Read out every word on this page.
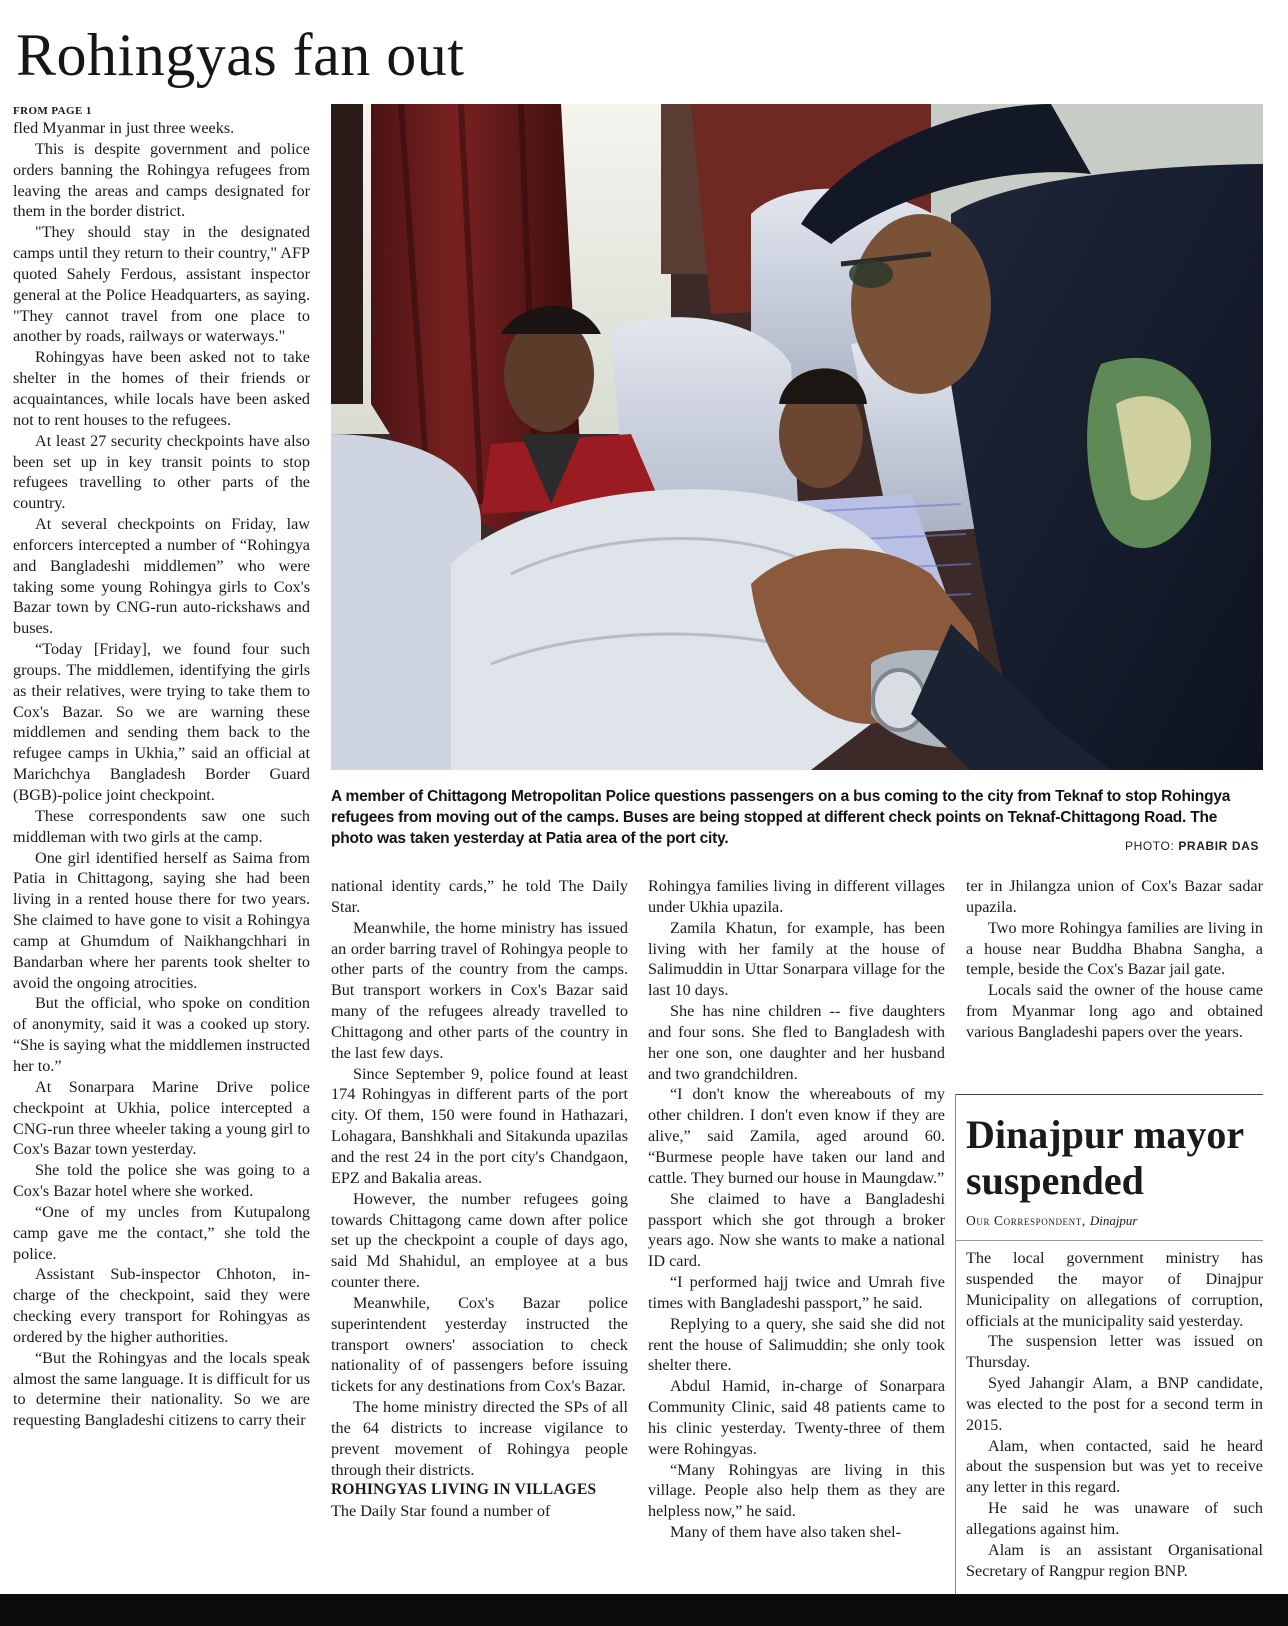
Rohingyas fan out
FROM PAGE 1

fled Myanmar in just three weeks.

This is despite government and police orders banning the Rohingya refugees from leaving the areas and camps designated for them in the border district.

"They should stay in the designated camps until they return to their country," AFP quoted Sahely Ferdous, assistant inspector general at the Police Headquarters, as saying. "They cannot travel from one place to another by roads, railways or waterways."

Rohingyas have been asked not to take shelter in the homes of their friends or acquaintances, while locals have been asked not to rent houses to the refugees.

At least 27 security checkpoints have also been set up in key transit points to stop refugees travelling to other parts of the country.

At several checkpoints on Friday, law enforcers intercepted a number of “Rohingya and Bangladeshi middlemen” who were taking some young Rohingya girls to Cox's Bazar town by CNG-run auto-rickshaws and buses.

“Today [Friday], we found four such groups. The middlemen, identifying the girls as their relatives, were trying to take them to Cox's Bazar. So we are warning these middlemen and sending them back to the refugee camps in Ukhia,” said an official at Marichchya Bangladesh Border Guard (BGB)-police joint checkpoint.

These correspondents saw one such middleman with two girls at the camp.

One girl identified herself as Saima from Patia in Chittagong, saying she had been living in a rented house there for two years. She claimed to have gone to visit a Rohingya camp at Ghumdum of Naikhangchhari in Bandarban where her parents took shelter to avoid the ongoing atrocities.

But the official, who spoke on condition of anonymity, said it was a cooked up story. “She is saying what the middlemen instructed her to.”

At Sonarpara Marine Drive police checkpoint at Ukhia, police intercepted a CNG-run three wheeler taking a young girl to Cox's Bazar town yesterday.

She told the police she was going to a Cox's Bazar hotel where she worked.

“One of my uncles from Kutupalong camp gave me the contact,” she told the police.

Assistant Sub-inspector Chhoton, in-charge of the checkpoint, said they were checking every transport for Rohingyas as ordered by the higher authorities.

“But the Rohingyas and the locals speak almost the same language. It is difficult for us to determine their nationality. So we are requesting Bangladeshi citizens to carry their

A member of Chittagong Metropolitan Police questions passengers on a bus coming to the city from Teknaf to stop Rohingya refugees from moving out of the camps. Buses are being stopped at different check points on Teknaf-Chittagong Road. The photo was taken yesterday at Patia area of the port city.	PHOTO: PRABIR DAS

national identity cards,” he told The Daily Star.

Meanwhile, the home ministry has issued an order barring travel of Rohingya people to other parts of the country from the camps. But transport workers in Cox's Bazar said many of the refugees already travelled to Chittagong and other parts of the country in the last few days.

Since September 9, police found at least 174 Rohingyas in different parts of the port city. Of them, 150 were found in Hathazari, Lohagara, Banshkhali and Sitakunda upazilas and the rest 24 in the port city's Chandgaon, EPZ and Bakalia areas.

However, the number refugees going towards Chittagong came down after police set up the checkpoint a couple of days ago, said Md Shahidul, an employee at a bus counter there.

Meanwhile, Cox's Bazar police superintendent yesterday instructed the transport owners' association to check nationality of of passengers before issuing tickets for any destinations from Cox's Bazar.

The home ministry directed the SPs of all the 64 districts to increase vigilance to prevent movement of Rohingya people through their districts.

ROHINGYAS LIVING IN VILLAGES

The Daily Star found a number of

Rohingya families living in different villages under Ukhia upazila.

Zamila Khatun, for example, has been living with her family at the house of Salimuddin in Uttar Sonarpara village for the last 10 days.

She has nine children -- five daughters and four sons. She fled to Bangladesh with her one son, one daughter and her husband and two grandchildren.

“I don't know the whereabouts of my other children. I don't even know if they are alive,” said Zamila, aged around 60. “Burmese people have taken our land and cattle. They burned our house in Maungdaw.”

She claimed to have a Bangladeshi passport which she got through a broker years ago. Now she wants to make a national ID card.

“I performed hajj twice and Umrah five times with Bangladeshi passport,” he said.

Replying to a query, she said she did not rent the house of Salimuddin; she only took shelter there.

Abdul Hamid, in-charge of Sonarpara Community Clinic, said 48 patients came to his clinic yesterday. Twenty-three of them were Rohingyas.

“Many Rohingyas are living in this village. People also help them as they are helpless now,” he said.

Many of them have also taken shel-

ter in Jhilangza union of Cox's Bazar sadar upazila.

Two more Rohingya families are living in a house near Buddha Bhabna Sangha, a temple, beside the Cox's Bazar jail gate.

Locals said the owner of the house came from Myanmar long ago and obtained various Bangladeshi papers over the years.

Dinajpur mayor suspended
Our Correspondent, Dinajpur

The local government ministry has suspended the mayor of Dinajpur Municipality on allegations of corruption, officials at the municipality said yesterday.

The suspension letter was issued on Thursday.

Syed Jahangir Alam, a BNP candidate, was elected to the post for a second term in 2015.

Alam, when contacted, said he heard about the suspension but was yet to receive any letter in this regard.

He said he was unaware of such allegations against him.

Alam is an assistant Organisational Secretary of Rangpur region BNP.
